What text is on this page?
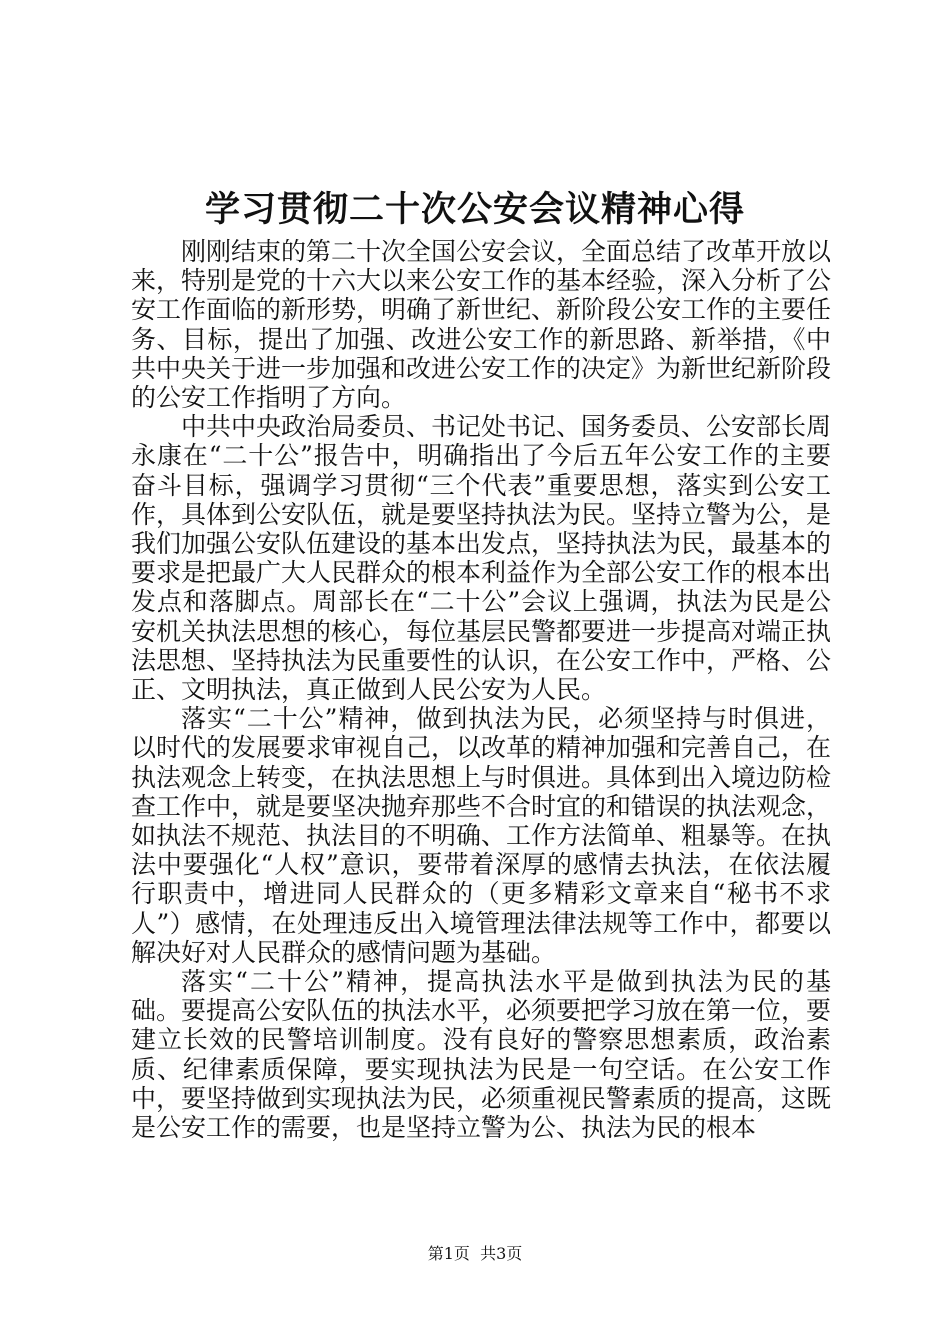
学习贯彻二十次公安会议精神心得

刚刚结束的第二十次全国公安会议，全面总结了改革开放以来，特别是党的十六大以来公安工作的基本经验，深入分析了公安工作面临的新形势，明确了新世纪、新阶段公安工作的主要任务、目标，提出了加强、改进公安工作的新思路、新举措，《中共中央关于进一步加强和改进公安工作的决定》为新世纪新阶段的公安工作指明了方向。

中共中央政治局委员、书记处书记、国务委员、公安部长周永康在“二十公”报告中，明确指出了今后五年公安工作的主要奋斗目标，强调学习贯彻“三个代表”重要思想，落实到公安工作，具体到公安队伍，就是要坚持执法为民。坚持立警为公，是我们加强公安队伍建设的基本出发点，坚持执法为民，最基本的要求是把最广大人民群众的根本利益作为全部公安工作的根本出发点和落脚点。周部长在“二十公”会议上强调，执法为民是公安机关执法思想的核心，每位基层民警都要进一步提高对端正执法思想、坚持执法为民重要性的认识，在公安工作中，严格、公正、文明执法，真正做到人民公安为人民。

落实“二十公”精神，做到执法为民，必须坚持与时俱进，以时代的发展要求审视自己，以改革的精神加强和完善自己，在执法观念上转变，在执法思想上与时俱进。具体到出入境边防检查工作中，就是要坚决抛弃那些不合时宜的和错误的执法观念，如执法不规范、执法目的不明确、工作方法简单、粗暴等。在执法中要强化“人权”意识，要带着深厚的感情去执法，在依法履行职责中，增进同人民群众的（更多精彩文章来自“秘书不求人”）感情，在处理违反出入境管理法律法规等工作中，都要以解决好对人民群众的感情问题为基础。

落实“二十公”精神，提高执法水平是做到执法为民的基础。要提高公安队伍的执法水平，必须要把学习放在第一位，要建立长效的民警培训制度。没有良好的警察思想素质，政治素质、纪律素质保障，要实现执法为民是一句空话。在公安工作中，要坚持做到实现执法为民，必须重视民警素质的提高，这既是公安工作的需要，也是坚持立警为公、执法为民的根本

第1页 共3页
